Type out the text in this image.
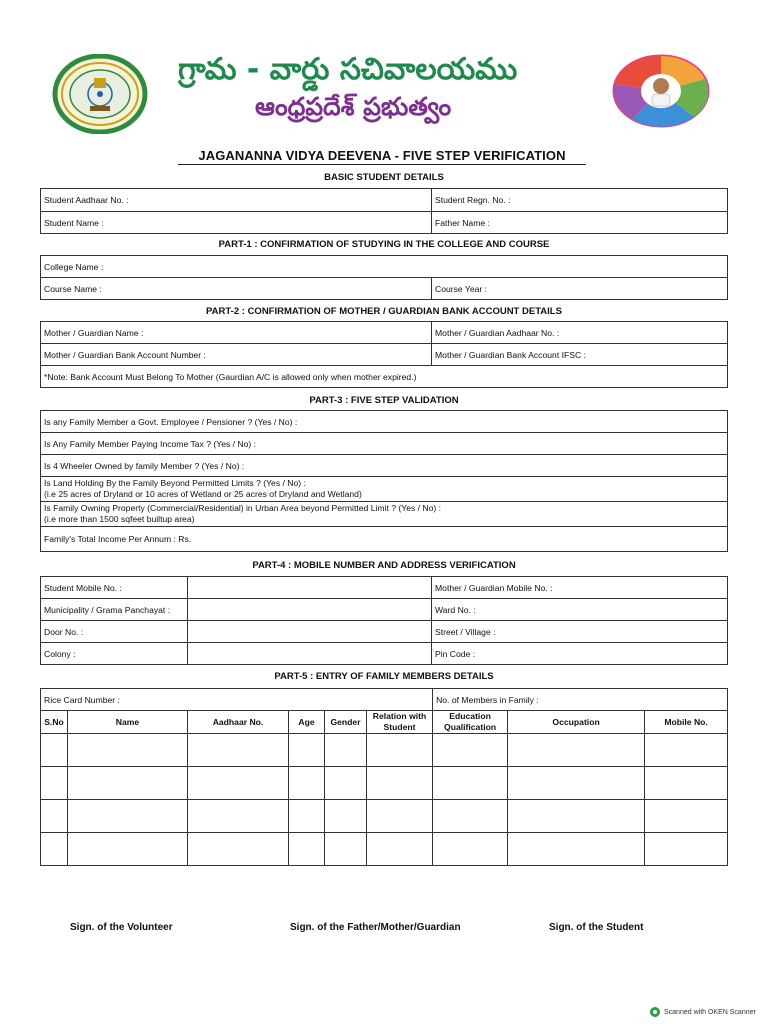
గ్రామ - వార్డు సచివాలయము
ఆంధ్రప్రదేశ్ ప్రభుత్వం
JAGANANNA VIDYA DEEVENA - FIVE STEP VERIFICATION
BASIC STUDENT DETAILS
Student Aadhaar No. :	Student Regn. No. :
Student Name :	Father Name :
PART-1 : CONFIRMATION OF STUDYING IN THE COLLEGE AND COURSE
College Name :
Course Name :	Course Year :
PART-2 : CONFIRMATION OF MOTHER / GUARDIAN BANK ACCOUNT DETAILS
Mother / Guardian Name :	Mother / Guardian Aadhaar No. :
Mother / Guardian Bank Account Number :	Mother / Guardian Bank Account IFSC :
*Note: Bank Account Must Belong To Mother (Gaurdian A/C is allowed only when mother expired.)	
PART-3 : FIVE STEP VALIDATION
Is any Family Member a Govt. Employee / Pensioner ? (Yes / No) :
Is Any Family Member Paying Income Tax ? (Yes / No) :
Is 4 Wheeler Owned by family Member ? (Yes / No) :

Is Land Holding By the Family Beyond Permitted Limits ? (Yes / No) :
(i.e 25 acres of Dryland or 10 acres of Wetland or 25 acres of Dryland and Wetland)

Is Family Owning Property (Commercial/Residential) in Urban Area beyond Permitted Limit ? (Yes / No) :
(i.e more than 1500 sqfeet builtup area)

Family's Total Income Per Annum : Rs.
PART-4 : MOBILE NUMBER AND ADDRESS VERIFICATION
Student Mobile No. :		Mother / Guardian Mobile No. :
Municipality / Grama Panchayat :		Ward No. :
Door No. :		Street / Village :
Colony :		Pin Code :
PART-5 : ENTRY OF FAMILY MEMBERS DETAILS
Rice Card Number :						No. of Members in Family :		
S.No	Name	Aadhaar No.	Age	Gender	Relation with Student	Education Qualification	Occupation	Mobile No.

Sign. of the Volunteer	Sign. of the Father/Mother/Guardian	Sign. of the Student
Scanned with OKEN Scanner
